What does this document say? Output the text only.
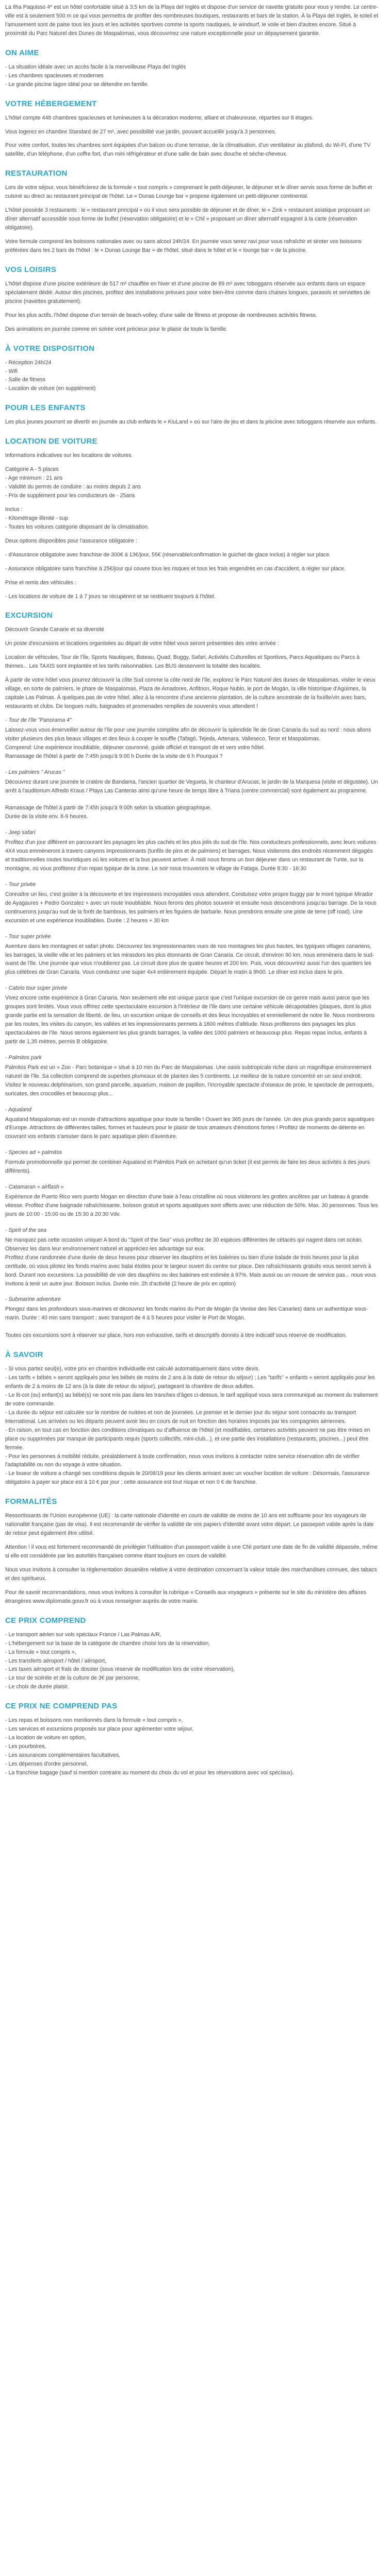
La Ilha Paquisso 4* est un hôtel confortable situé à 3,5 km de la Playa del Inglés et dispose d'un service de navette gratuite pour vous y rendre. Le centre-ville est à seulement 500 m ce qui vous permettra de profiter des nombreuses boutiques, restaurants et bars de la station. À la Playa del Inglés, le soleil et l'amusement sont de paise tous les jours et les activités sportives comme la sports nautiques, le windsurf, le voile et bien d'autres encore. Situé à proximité du Parc Naturel des Dunes de Maspalomas, vous découvrirez une nature exceptionnelle pour un dépaysement garantie.

ON AIME

- La situation idéale avec un accès facile à la merveilleuse Playa del Inglés

- Les chambres spacieuses et modernes

- Le grande piscine lagon idéal pour se détendre en famille.

VOTRE HÉBERGEMENT

L'hôtel compte 448 chambres spacieuses et lumineuses à la décoration moderne, alliant et chaleureuse, réparties sur 8 étages.

Vous logerez en chambre Standard de 27 m², avec possibilité vue jardin, pouvant accueillir jusqu'à 3 personnes.

Pour votre confort, toutes les chambres sont équipées d'un balcon ou d'une terrasse, de la climatisation, d'un ventilateur au plafond, du Wi-Fi, d'une TV satellite, d'un téléphone, d'un coffre fort, d'un mini réfrigérateur et d'une salle de bain avec douche et sèche-cheveux.

RESTAURATION

Lors de votre séjour, vous bénéficierez de la formule « tout compris » comprenant le petit-déjeuner, le déjeuner et le dîner servis sous forme de buffet et cuisiné au direct au restaurant principal de l'hôtel. Le « Dunas Lounge bar » propose également un petit-déjeuner continental.

L'hôtel possède 3 restaurants : le « restaurant principal » où il vous sera possible de déjeuner et de dîner, le « Zink » restaurant asiatique proposant un dîner alternatif accessible sous forme de buffet (réservation obligatoire) et le « Chil » proposant un dîner alternatif espagnol à la carte (réservation obligatoire).

Votre formule comprend les boissons nationales avec ou sans alcool 24h/24. En journée vous serez ravi pour vous rafraîchir et siroter vos boissons préférées dans les 2 bars de l'hôtel : le « Dunas Lounge Bar » de l'hôtel, situé dans le hôtel et le « lounge bar » de la piscine.

VOS LOISIRS

L'hôtel dispose d'une piscine extérieure de 517 m² chauffée en hiver et d'une piscine de 89 m² avec toboggans réservée aux enfants dans un espace spécialement dédié. Autour des piscines, profitez des installations prévues pour votre bien-être comme dans chaises longues, parasols et serviettes de piscine (navettes gratuitement).

Pour les plus actifs, l'hôtel dispose d'un terrain de beach-volley, d'une salle de fitness et propose de nombreuses activités fitness.

Des animations en journée comme en soirée vont précieux pour le plaisir de toute la famille.

À VOTRE DISPOSITION

- Réception 24h/24

- Wifi

- Salle de fitness

- Location de voiture (en supplément)

POUR LES ENFANTS

Les plus jeunes pourront se divertir en journée au club enfants le « KiuLand » où sur l'aire de jeu et dans la piscine avec toboggans réservée aux enfants.

LOCATION DE VOITURE

Informations indicatives sur les locations de voitures.

Catégorie A - 5 places

- Age minimum : 21 ans

- Validité du permis de conduire : au moins depuis 2 ans

- Prix de supplément pour les conducteurs de - 25ans

Inclus :

- Kilométrage illimité - sup

- Toutes les voitures catégorie disposant de la climatisation.

Deux options disponibles pour l'assurance obligatoire :

- d'Assurance obligatoire avec franchise de 300€ à 13€/jour, 55€ (réservable/confirmation le guichet de glace inclus) à régler sur place.

- Assurance obligatoire sans franchise à 25€/jour qui couvre tous les risques et tous les frais engendrés en cas d'accident, à régler sur place.

Prise et remis des véhicules :

- Les locations de voiture de 1 à 7 jours se récupèrent et se restituent toujours à l'hôtel.

EXCURSION

Découvrir Grande Canarie et sa diversité

Un poste d'excursions et locations organisées au départ de votre hôtel vous seront présentées des votre arrivée :

Location de véhicules, Tour de l'île, Sports Nautiques, Bateau, Quad, Buggy, Safari, Activités Culturelles et Sportives, Parcs Aquatiques ou Parcs à thèmes... Les TAXIS sont implantés et les tarifs raisonnables. Les BUS desservent la totalité des localités.

À partir de votre hôtel vous pourrez découvrir la côte Sud comme la côte nord de l'île, explorez le Parc Naturel des dunes de Maspalomas, visiter le vieux village, en sorte de palmiers, le phare de Maspalomas, Plaza de Amadores, Anfitrion, Roque Nublo, le port de Mogán, la ville historique d'Agüimes, la capitale Las Palmas. À quelques pas de votre hôtel, allez à la rencontre d'une ancienne plantation, de la culture ancestrale de la fouille/vin avec bars, restaurants et clubs. De longues nuits, baignades et promenades remplies de souvenirs vous attendent !

- Tour de l'île "Panorama 4"

Laissez-vous vous émerveiller autour de l'île pour une journée complète afin de découvrir la splendide île de Gran Canaria du sud au nord : nous allons visiter plusieurs des plus beaux villages et des lieux à couper le souffle (Tafagó, Tejeda, Artenara, Valleseco, Teror et Maspalomas.
Comprend: Une expérience inoubliable, déjeuner couronné, guide officiel et transport de et vers votre hôtel.
Ramassage de l'hôtel à partir de 7:45h jusqu'à 9:00 h Durée de la visite de 6 h Pourquoi ?

- Les palmiers " Arucas "

Découvrez durant une journée le cratère de Bandama, l'ancien quartier de Vegueta, le chanteur d'Arucas, le jardin de la Marquesa (visite et dégustée). Un arrêt à l'auditorium Alfredo Kraus / Playa Las Canteras ainsi qu'une heure de temps libre à Triana (centre commercial) sont également au programme.

Ramassage de l'hôtel à partir de 7:45h jusqu'à 9:00h selon la situation géographique.
Durée de la visite env. 8-9 heures.

- Jeep safari

Profitez d'un jour différent en parcourant les paysages les plus cachés et les plus jolis du sud de l'île. Nos conducteurs professionnels, avec leurs voitures 4X4 vous emmèneront à travers canyons impressionnants (tunfils de pins et de palmiers) et barrages. Nous visiterons des endroits récemment dégagés et traditionnelles routes touristiques où les voitures et la bus peuvent arriver. À midi nous ferons un bon déjeuner dans un restaurant de Tunte, sur la montagne, où vous profiterez d'un repas typique de la zone. Le soir nous trouverons le village de Fataga. Durée 8:30 - 16:30

- Tour privée

Connaître un lieu, c'est goûter à la découverte et les impressions incroyables vous attendent. Conduisez votre propre buggy par le mont typique Mirador de Ayagaures + Pedro Gonzalez + avec un route inoubliable. Nous ferons des photos souvenir et ensuite nous descendrons jusqu'au barrage. De la nous continuerons jusqu'au sud de la forêt de bambous, les palmiers et les figuiers de barbarie. Nous prendrons ensuite une piste de terre (off road). Une excursion et une expérience inoubliables. Durée : 2 heures + 30 km

- Tour super privée

Aventure dans les montagnes et safari photo. Découvrez les impressionnantes vues de nos montagnes les plus hautes, les typiques villages canariens, les barrages, la vieille ville et les palmiers et les mirasdors les plus étonnants de Gran Canaria. Ce circuit, d'environ 90 km, nous emmènera dans le sud-ouest de l'île. Une journée que vous n'oublierez pas. Le circuit dure plus de quatre heures et 200 km. Puis, vous découvrirez aussi l'un des quartiers les plus célèbres de Gran Canaria. Vous conduirez une super 4x4 entièrement équipée. Départ le matin à 9h00. Le dîner est inclus dans le prix.

- Cabrio tour super privée

Vivez encore cette expérience à Gran Canaria. Non seulement elle est unique parce que c'est l'unique excursion de ce genre mais aussi parce que les groupes sont limités. Vous vous offrirez cette spectaculaire excursion à l'intérieur de l'île dans une certaine véhicule décapotables (plaques, dont la plus grande partie est la sensation de liberté, de lieu, un excursion unique de conseils et des lieux incroyables et emmiellement de notre île. Nous montrerons par les routes, les visites du canyon, les vallées et les impressionnants permets à 1600 mètres d'altitude. Nous profiterons des paysages les plus spectaculaires de l'île. Nous serons également les plus grands barrages, la vallée des 1000 palmiers et beaucoup plus. Repas repas inclus, enfants à partir de 1,35 mètres, permis B obligatoire.

- Palmitos park

Palmitos Park est un « Zoo - Parc botanique » situé à 10 min du Parc de Maspalomas. Une oasis subtropicale riche dans un magnifique environnement naturel de l'île. Sa collection comprend de superbes plumeaux et de plantes des 5 continents. Le meilleur de la nature concentré en un seul endroit. Visitez le nouveau delphinarium, son grand parcelle, aquarium, maison de papillon, l'incroyable spectacle d'oiseaux de proie, le spectacle de perroquets, suricates, des crocodiles et beaucoup plus...

- Aqualand

Aqualand Maspalomas est un monde d'attractions aquatique pour toute la famille ! Ouvert les 365 jours de l'année. Un des plus grands parcs aquatiques d'Europe. Attractions de différentes tailles, formes et hauteurs pour le plaisir de tous amateurs d'émotions fortes ! Profitez de moments de détente en couvrant vos enfants s'amuser dans le parc aquatique plein d'aventure.

- Species ad + palmitos

Formule promotionnelle qui permet de combiner Aqualand et Palmitos Park en achetant qu'un ticket (il est permis de faire les deux activités à des jours différents).

- Catamaran « airflash »

Expérience de Puerto Rico vers puerto Mogan en direction d'une baie à l'eau cristalline où nous visiterons les grottes ancêtres par un bateau à grande vitesse. Profitez d'une baignade rafraîchissante, boisson gratuit et sports aquatiques sont offerts avec une réduction de 50%. Max. 30 personnes. Tous les jours de 10:00 - 15:00 ou de 15:30 à 20:30 Vdv.

- Spirit of the sea

Ne manquez pas cette occasion unique! A bord du "Spirit of the Sea" vous profitez de 30 espèces différentes de cétacés qui nagent dans cet océan. Observez les dans leur environnement naturel et appréciez-les advantage sur eux.
Profitez d'une randonnée d'une durée de deux heures pour observer les dauphins et les baleines ou bien d'une balade de trois heures pour la plus certitude, où vous pilotez les fonds marins avec balai étoiles pour le largeur ouvert du centre sur place. Des rafraîchissants gratuits vous seront servis à bord. Durant nos excursions. La possibilité de voir des dauphins ou des baleines est estimée à 97%. Mais aussi ou un mouve de service pas... nous vous invitons à tenir un autre jour. Boisson inclus. Durée min. 2h d'activité (2 heure de prix en option)

- Submarine adventure

Plongez dans les profondeurs sous-marines et découvrez les fonds marins du Port de Mogán (la Venise des îles Canaries) dans un authentique sous-marin. Durée : 40 min sans transport ; avec transport de 4 à 5 heures pour visiter le Port de Mogán.

Toutes ces excursions sont à réserver sur place, hors non exhaustive, tarifs et descriptifs donnés à titre indicatif sous réserve de modification.

À SAVOIR

- Si vous partez seul(e), votre prix en chambre individuelle est calculé automatiquement dans votre devis.

- Les tarifs « bébés » seront appliqués pour les bébés de moins de 2 ans à la date de retour du séjour) ; Les "tarifs" « enfants » seront appliqués pour les enfants de 2 à moins de 12 ans (à la date de retour du séjour), partageant la chambre de deux adultes.

- Le lit-cot (ou) enfant(s) au bébé(s) ne sont mis pas dans les tranches d'âges ci-dessus, le tarif appliqué vous sera communiqué au moment du traitement de votre commande.

- La durée du séjour est calculée sur le nombre de nuitées et non de journées. Le premier et le dernier jour du séjour sont consacrés au transport international. Les arrivées ou les départs peuvent avoir lieu en cours de nuit en fonction des horaires imposés par les compagnies aériennes.

- En raison, en tout cas en fonction des conditions climatiques ou d'affluence de l'hôtel (et modifiables, certaines activités peuvent ne pas être mises en place ou supprimées par manque de participants requis (sports collectifs, mini-club...), et une partie des installations (restaurants, piscines...) peut être fermée.

- Pour les personnes à mobilité réduite, préalablement à toute confirmation, nous vous invitons à contacter notre service réservation afin de vérifier l'adaptabilité ou non du voyage à votre situation.

- Le loueur de voiture a changé ses conditions depuis le 20/08/19 pour les clients arrivant avec un voucher location de voiture : Désormais, l'assurance obligatoire à payer sur place est à 10 € par jour ; cette assurance est tout risque et non 0 € de franchise.

FORMALITÉS

Ressortissants de l'Union européenne (UE) : la carte nationale d'identité en cours de validité de moins de 10 ans est suffisante pour les voyageurs de nationalité française (pas de visa). Il est recommandé de vérifier la validité de vos papiers d'identité avant votre départ. Le passeport valide après la date de retour peut également être utilisé.

Attention ! il vous est fortement recommandé de privilégier l'utilisation d'un passeport valide à une CNI portant une date de fin de validité dépassée, même si elle est considérée par les autorités françaises comme étant toujours en cours de validité.

Nous vous invitons à consulter la réglementation douanière relative à votre destination concernant la valeur totale des marchandises connues, des tabacs et des spiritueux.

Pour de savoir recommandations, nous vous invitons à consulter la rubrique « Conseils aux voyageurs » présente sur le site du ministère des affaires étrangères www.diplomatie.gouv.fr où à vous renseigner auprès de votre mairie.

CE PRIX COMPREND

- Le transport aérien sur vols spéciaux France / Las Palmas A/R,

- L'hébergement sur la base de la catégorie de chambre choisi lors de la réservation,

- La formule « tout compris »,

- Les transferts aéroport / hôtel / aéroport,

- Les taxes aéroport et frais de dossier (sous réserve de modification lors de votre réservation),

- Le tour de scénite et de la culture de 3€ par personne,

- Le choix de durée plaisir.

CE PRIX NE COMPREND PAS

- Les repas et boissons non mentionnés dans la formule « tout compris »,

- Les services et excursions proposés sur place pour agrémenter votre séjour,

- La location de voiture en option,

- Les pourboires,

- Les assurances complémentaires facultatives,

- Les dépenses d'ordre personnel,

- La franchise bagage (sauf si mention contraire au moment du choix du vol et pour les réservations avec vol spéciaux).
